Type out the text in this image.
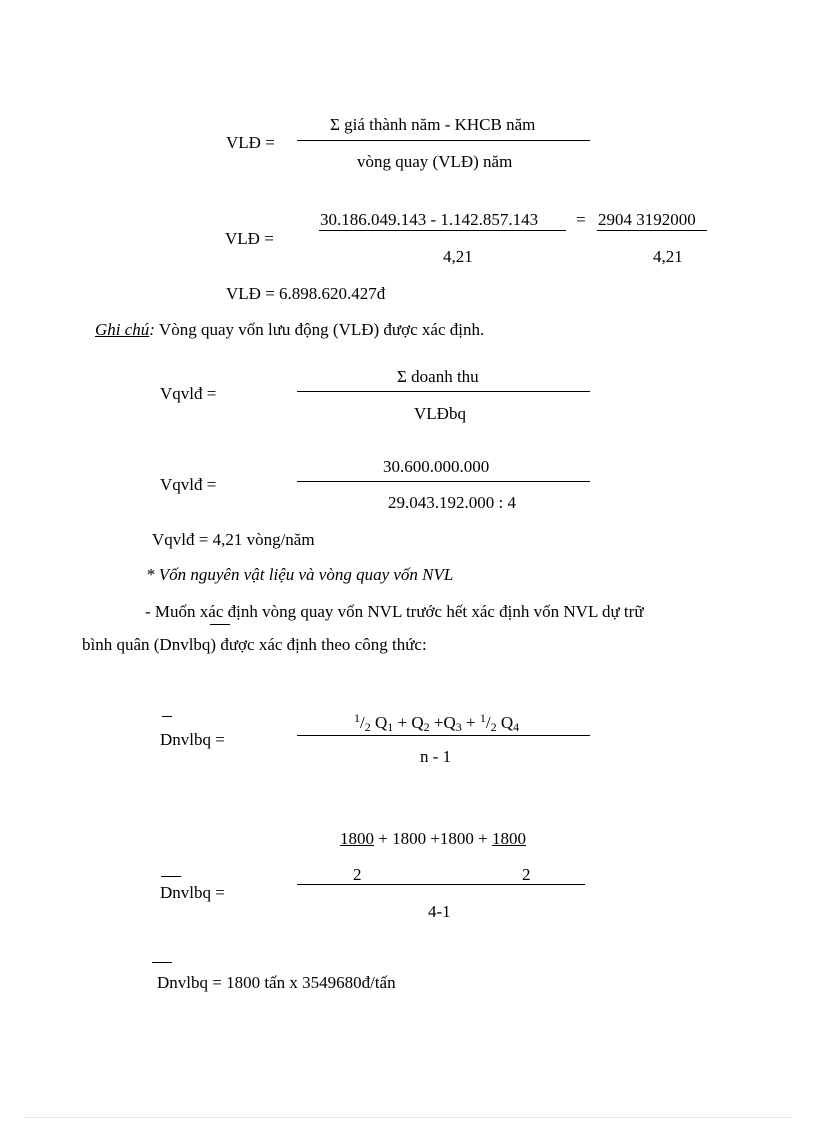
VLĐ =
Σ giá thành năm - KHCB năm
vòng quay (VLĐ) năm
30.186.049.143 - 1.142.857.143 = 2904 3192000
VLĐ =
4,21	4,21
VLĐ = 6.898.620.427đ
Ghi chú: Vòng quay vốn lưu động (VLĐ) được xác định.
Σ doanh thu
Vqvlđ =
VLĐbq
30.600.000.000
Vqvlđ =
29.043.192.000 : 4
Vqvlđ = 4,21 vòng/năm
* Vốn nguyên vật liệu và vòng quay vốn NVL
- Muốn xác định vòng quay vốn NVL trước hết xác định vốn NVL dự trữ
bình quân (Dnvlbq) được xác định theo công thức:
$^1/_2$ $Q_1 + Q_2 +Q_3 + ^1/_2$ $Q_4$
Dnvlbq =
n - 1
1800 + 1800 +1800 + 1800
2	2
Dnvlbq =
4-1
Dnvlbq = 1800 tấn x 3549680đ/tấn
